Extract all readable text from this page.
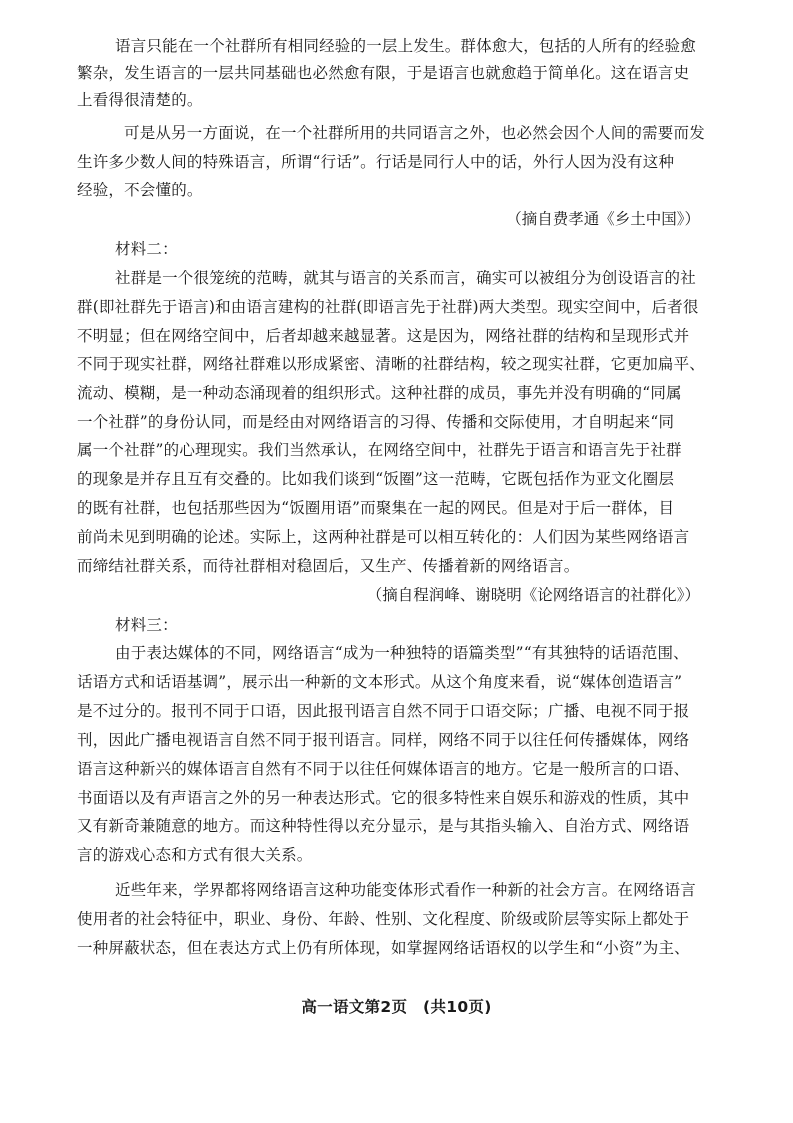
语言只能在一个社群所有相同经验的一层上发生。群体愈大，包括的人所有的经验愈
繁杂，发生语言的一层共同基础也必然愈有限，于是语言也就愈趋于简单化。这在语言史
上看得很清楚的。
可是从另一方面说，在一个社群所用的共同语言之外，也必然会因个人间的需要而发
生许多少数人间的特殊语言，所谓“行话”。行话是同行人中的话，外行人因为没有这种
经验，不会懂的。
（摘自费孝通《乡土中国》）
材料二：
社群是一个很笼统的范畴，就其与语言的关系而言，确实可以被组分为创设语言的社
群(即社群先于语言)和由语言建构的社群(即语言先于社群)两大类型。现实空间中，后者很
不明显；但在网络空间中，后者却越来越显著。这是因为，网络社群的结构和呈现形式并
不同于现实社群，网络社群难以形成紧密、清晰的社群结构，较之现实社群，它更加扁平、
流动、模糊，是一种动态涌现着的组织形式。这种社群的成员，事先并没有明确的“同属
一个社群”的身份认同，而是经由对网络语言的习得、传播和交际使用，才自明起来“同
属一个社群”的心理现实。我们当然承认，在网络空间中，社群先于语言和语言先于社群
的现象是并存且互有交叠的。比如我们谈到“饭圈”这一范畴，它既包括作为亚文化圈层
的既有社群，也包括那些因为“饭圈用语”而聚集在一起的网民。但是对于后一群体，目
前尚未见到明确的论述。实际上，这两种社群是可以相互转化的：人们因为某些网络语言
而缔结社群关系，而待社群相对稳固后，又生产、传播着新的网络语言。
（摘自程润峰、谢晓明《论网络语言的社群化》）
材料三：
由于表达媒体的不同，网络语言“成为一种独特的语篇类型”“有其独特的话语范围、
话语方式和话语基调”，展示出一种新的文本形式。从这个角度来看，说“媒体创造语言”
是不过分的。报刊不同于口语，因此报刊语言自然不同于口语交际；广播、电视不同于报
刊，因此广播电视语言自然不同于报刊语言。同样，网络不同于以往任何传播媒体，网络
语言这种新兴的媒体语言自然有不同于以往任何媒体语言的地方。它是一般所言的口语、
书面语以及有声语言之外的另一种表达形式。它的很多特性来自娱乐和游戏的性质，其中
又有新奇兼随意的地方。而这种特性得以充分显示，是与其指头输入、自治方式、网络语
言的游戏心态和方式有很大关系。
近些年来，学界都将网络语言这种功能变体形式看作一种新的社会方言。在网络语言
使用者的社会特征中，职业、身份、年龄、性别、文化程度、阶级或阶层等实际上都处于
一种屏蔽状态，但在表达方式上仍有所体现，如掌握网络话语权的以学生和“小资”为主、
高一语文第2页　(共10页)
